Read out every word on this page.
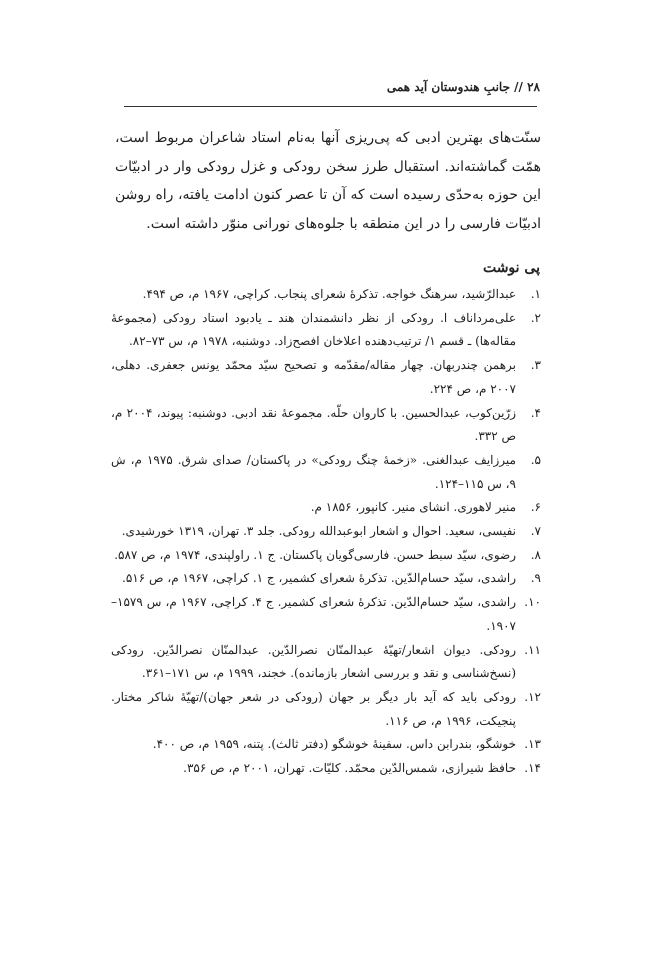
۲۸ // جانبِ هندوستان آید همی

سنّت‌های بهترین ادبی که پی‌ریزی آنها به‌نام استاد شاعران مربوط است، همّت گماشته‌اند. استقبال طرز سخن رودکی و غزل رودکی وار در ادبیّات این حوزه به‌حدّی رسیده است که آن تا عصر کنون ادامت یافته، راه روشن ادبیّات فارسی را در این منطقه با جلوه‌های نورانی منوّر داشته است.

پی نوشت
۱.
عبدالرّشید، سرهنگ خواجه. تذکرهٔ شعرای پنجاب. کراچی، ۱۹۶۷ م، ص ۴۹۴.
۲.
علی‌مرداناف ا. رودکی از نظر دانشمندان هند ـ یادبود استاد رودکی (مجموعهٔ مقاله‌ها) ـ قسم ۱/ ترتیب‌دهنده اعلاخان افصح‌زاد. دوشنبه، ۱۹۷۸ م، س ۷۳–۸۲.
۳.
برهمن چندربهان. چهار مقاله/مقدّمه و تصحیح سیّد محمّد یونس جعفری. دهلی، ۲۰۰۷ م، ص ۲۲۴.
۴.
زرّین‌کوب، عبدالحسین. با کاروان حلّه. مجموعهٔ نقد ادبی. دوشنبه: پیوند، ۲۰۰۴ م، ص ۳۳۲.
۵.
میرزایف عبدالغنی. «زخمهٔ چنگ رودکی» در پاکستان/ صدای شرق. ۱۹۷۵ م، ش ۹، س ۱۱۵–۱۲۴.
۶.
منیر لاهوری. انشای منیر. کانپور، ۱۸۵۶ م.
۷.
نفیسی، سعید. احوال و اشعار ابوعبدالله رودکی. جلد ۳. تهران، ۱۳۱۹ خورشیدی.
۸.
رضوی، سیّد سبط حسن. فارسی‌گویان پاکستان. ج ۱. راولپندی، ۱۹۷۴ م، ص ۵۸۷.
۹.
راشدی، سیّد حسام‌الدّین. تذکرهٔ شعرای کشمیر، ج ۱. کراچی، ۱۹۶۷ م، ص ۵۱۶.
۱۰.
راشدی، سیّد حسام‌الدّین. تذکرهٔ شعرای کشمیر. ج ۴. کراچی، ۱۹۶۷ م، س ۱۵۷۹–۱۹۰۷.
۱۱.
رودکی. دیوان اشعار/تهیّهٔ عبدالمنّان نصرالدّین. عبدالمنّان نصرالدّین. رودکی (نسخ‌شناسی و نقد و بررسی اشعار بازمانده). خجند، ۱۹۹۹ م، س ۱۷۱–۳۶۱.
۱۲.
رودکی باید که آید بار دیگر بر جهان (رودکی در شعر جهان)/تهیّهٔ شاکر مختار. پنجیکت، ۱۹۹۶ م، ص ۱۱۶.
۱۳.
خوشگو، بندرابن داس. سفینهٔ خوشگو (دفتر ثالث). پتنه، ۱۹۵۹ م، ص ۴۰۰.
۱۴.
حافظ شیرازی، شمس‌الدّین محمّد. کلیّات. تهران، ۲۰۰۱ م، ص ۳۵۶.
